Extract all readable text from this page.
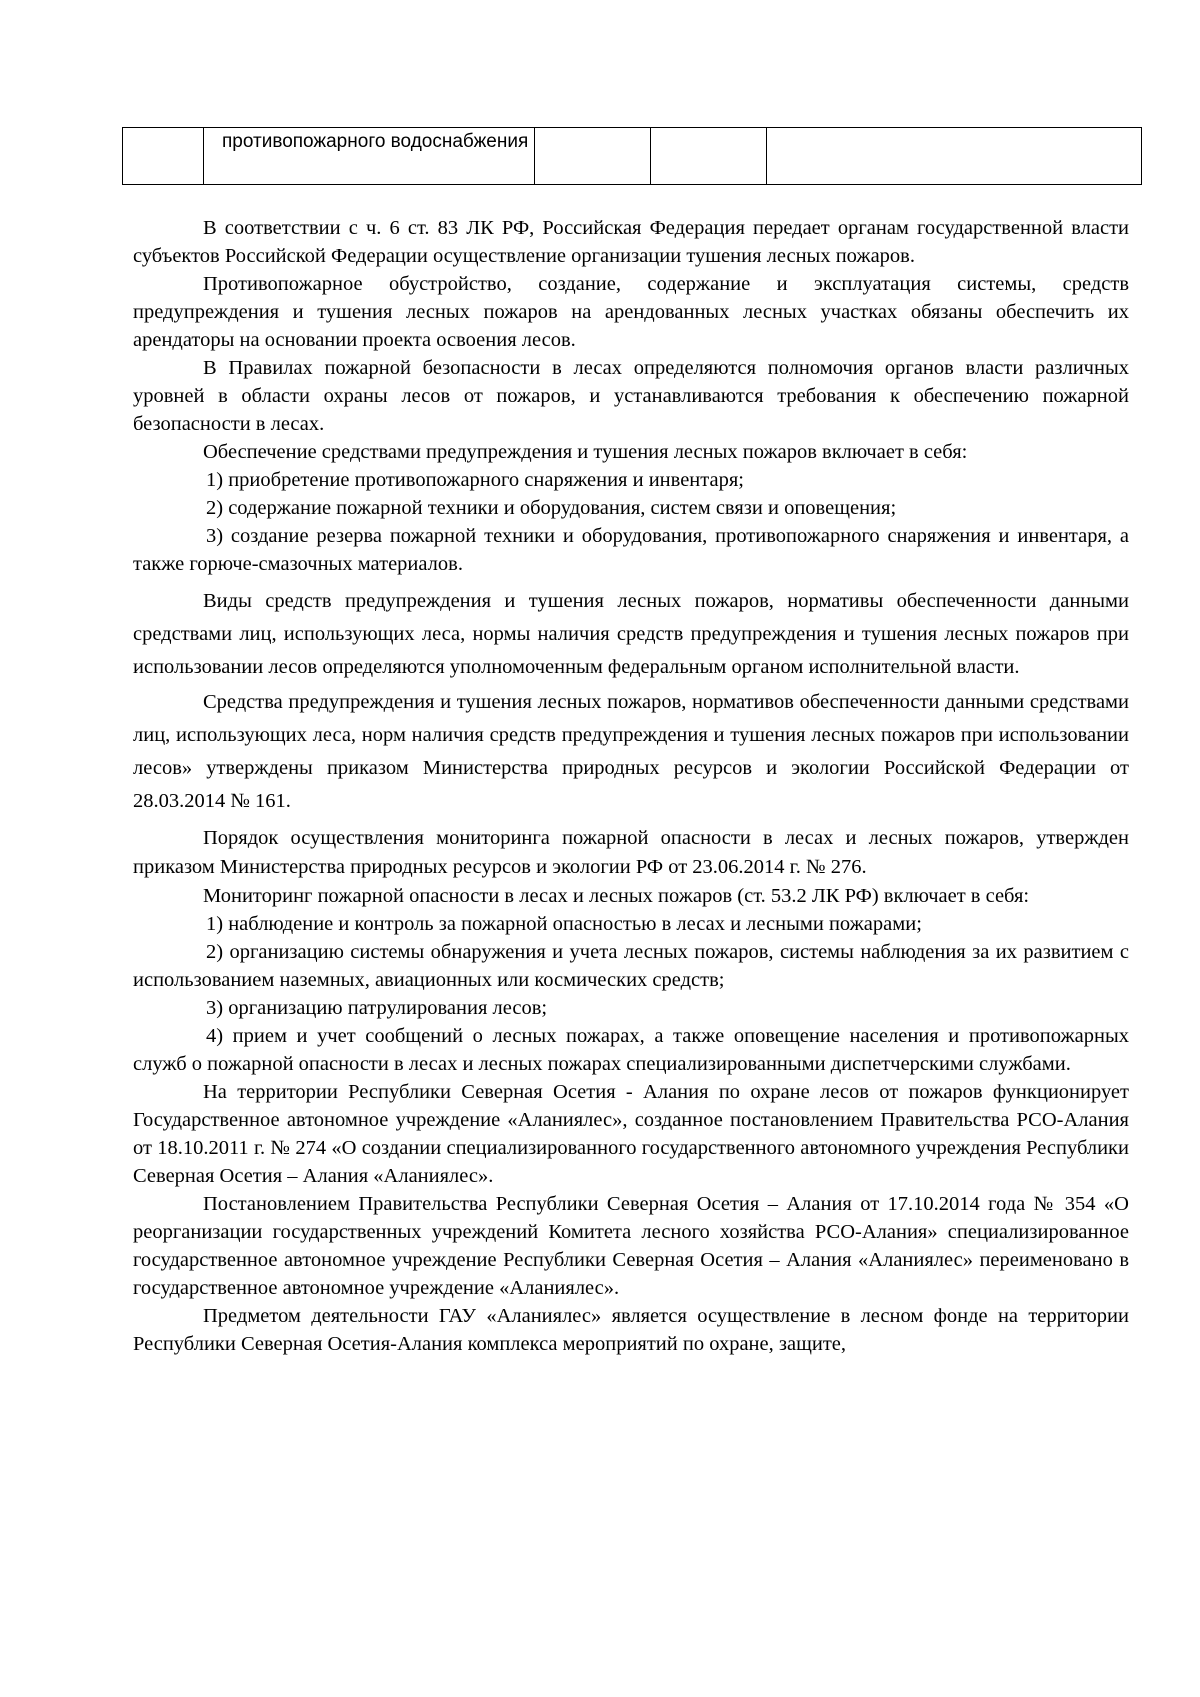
	противопожарного водоснабжения			

В соответствии с ч. 6 ст. 83 ЛК РФ, Российская Федерация передает органам государственной власти субъектов Российской Федерации осуществление организации тушения лесных пожаров.

Противопожарное обустройство, создание, содержание и эксплуатация системы, средств предупреждения и тушения лесных пожаров на арендованных лесных участках обязаны обеспечить их арендаторы на основании проекта освоения лесов.

В Правилах пожарной безопасности в лесах определяются полномочия органов власти различных уровней в области охраны лесов от пожаров, и устанавливаются требования к обеспечению пожарной безопасности в лесах.

Обеспечение средствами предупреждения и тушения лесных пожаров включает в себя:

1) приобретение противопожарного снаряжения и инвентаря;

2) содержание пожарной техники и оборудования, систем связи и оповещения;

3) создание резерва пожарной техники и оборудования, противопожарного снаряжения и инвентаря, а также горюче-смазочных материалов.

Виды средств предупреждения и тушения лесных пожаров, нормативы обеспеченности данными средствами лиц, использующих леса, нормы наличия средств предупреждения и тушения лесных пожаров при использовании лесов определяются уполномоченным федеральным органом исполнительной власти.

Средства предупреждения и тушения лесных пожаров, нормативов обеспеченности данными средствами лиц, использующих леса, норм наличия средств предупреждения и тушения лесных пожаров при использовании лесов» утверждены приказом Министерства природных ресурсов и экологии Российской Федерации от 28.03.2014 № 161.

Порядок осуществления мониторинга пожарной опасности в лесах и лесных пожаров, утвержден приказом Министерства природных ресурсов и экологии РФ от 23.06.2014 г. № 276.

Мониторинг пожарной опасности в лесах и лесных пожаров (ст. 53.2 ЛК РФ) включает в себя:

1) наблюдение и контроль за пожарной опасностью в лесах и лесными пожарами;

2) организацию системы обнаружения и учета лесных пожаров, системы наблюдения за их развитием с использованием наземных, авиационных или космических средств;

3) организацию патрулирования лесов;

4) прием и учет сообщений о лесных пожарах, а также оповещение населения и противопожарных служб о пожарной опасности в лесах и лесных пожарах специализированными диспетчерскими службами.

На территории Республики Северная Осетия - Алания по охране лесов от пожаров функционирует Государственное автономное учреждение «Аланиялес», созданное постановлением Правительства РСО-Алания от 18.10.2011 г. № 274 «О создании специализированного государственного автономного учреждения Республики Северная Осетия – Алания «Аланиялес».

Постановлением Правительства Республики Северная Осетия – Алания от 17.10.2014 года № 354 «О реорганизации государственных учреждений Комитета лесного хозяйства РСО-Алания» специализированное государственное автономное учреждение Республики Северная Осетия – Алания «Аланиялес» переименовано в государственное автономное учреждение «Аланиялес».

Предметом деятельности ГАУ «Аланиялес» является осуществление в лесном фонде на территории Республики Северная Осетия-Алания комплекса мероприятий по охране, защите,
